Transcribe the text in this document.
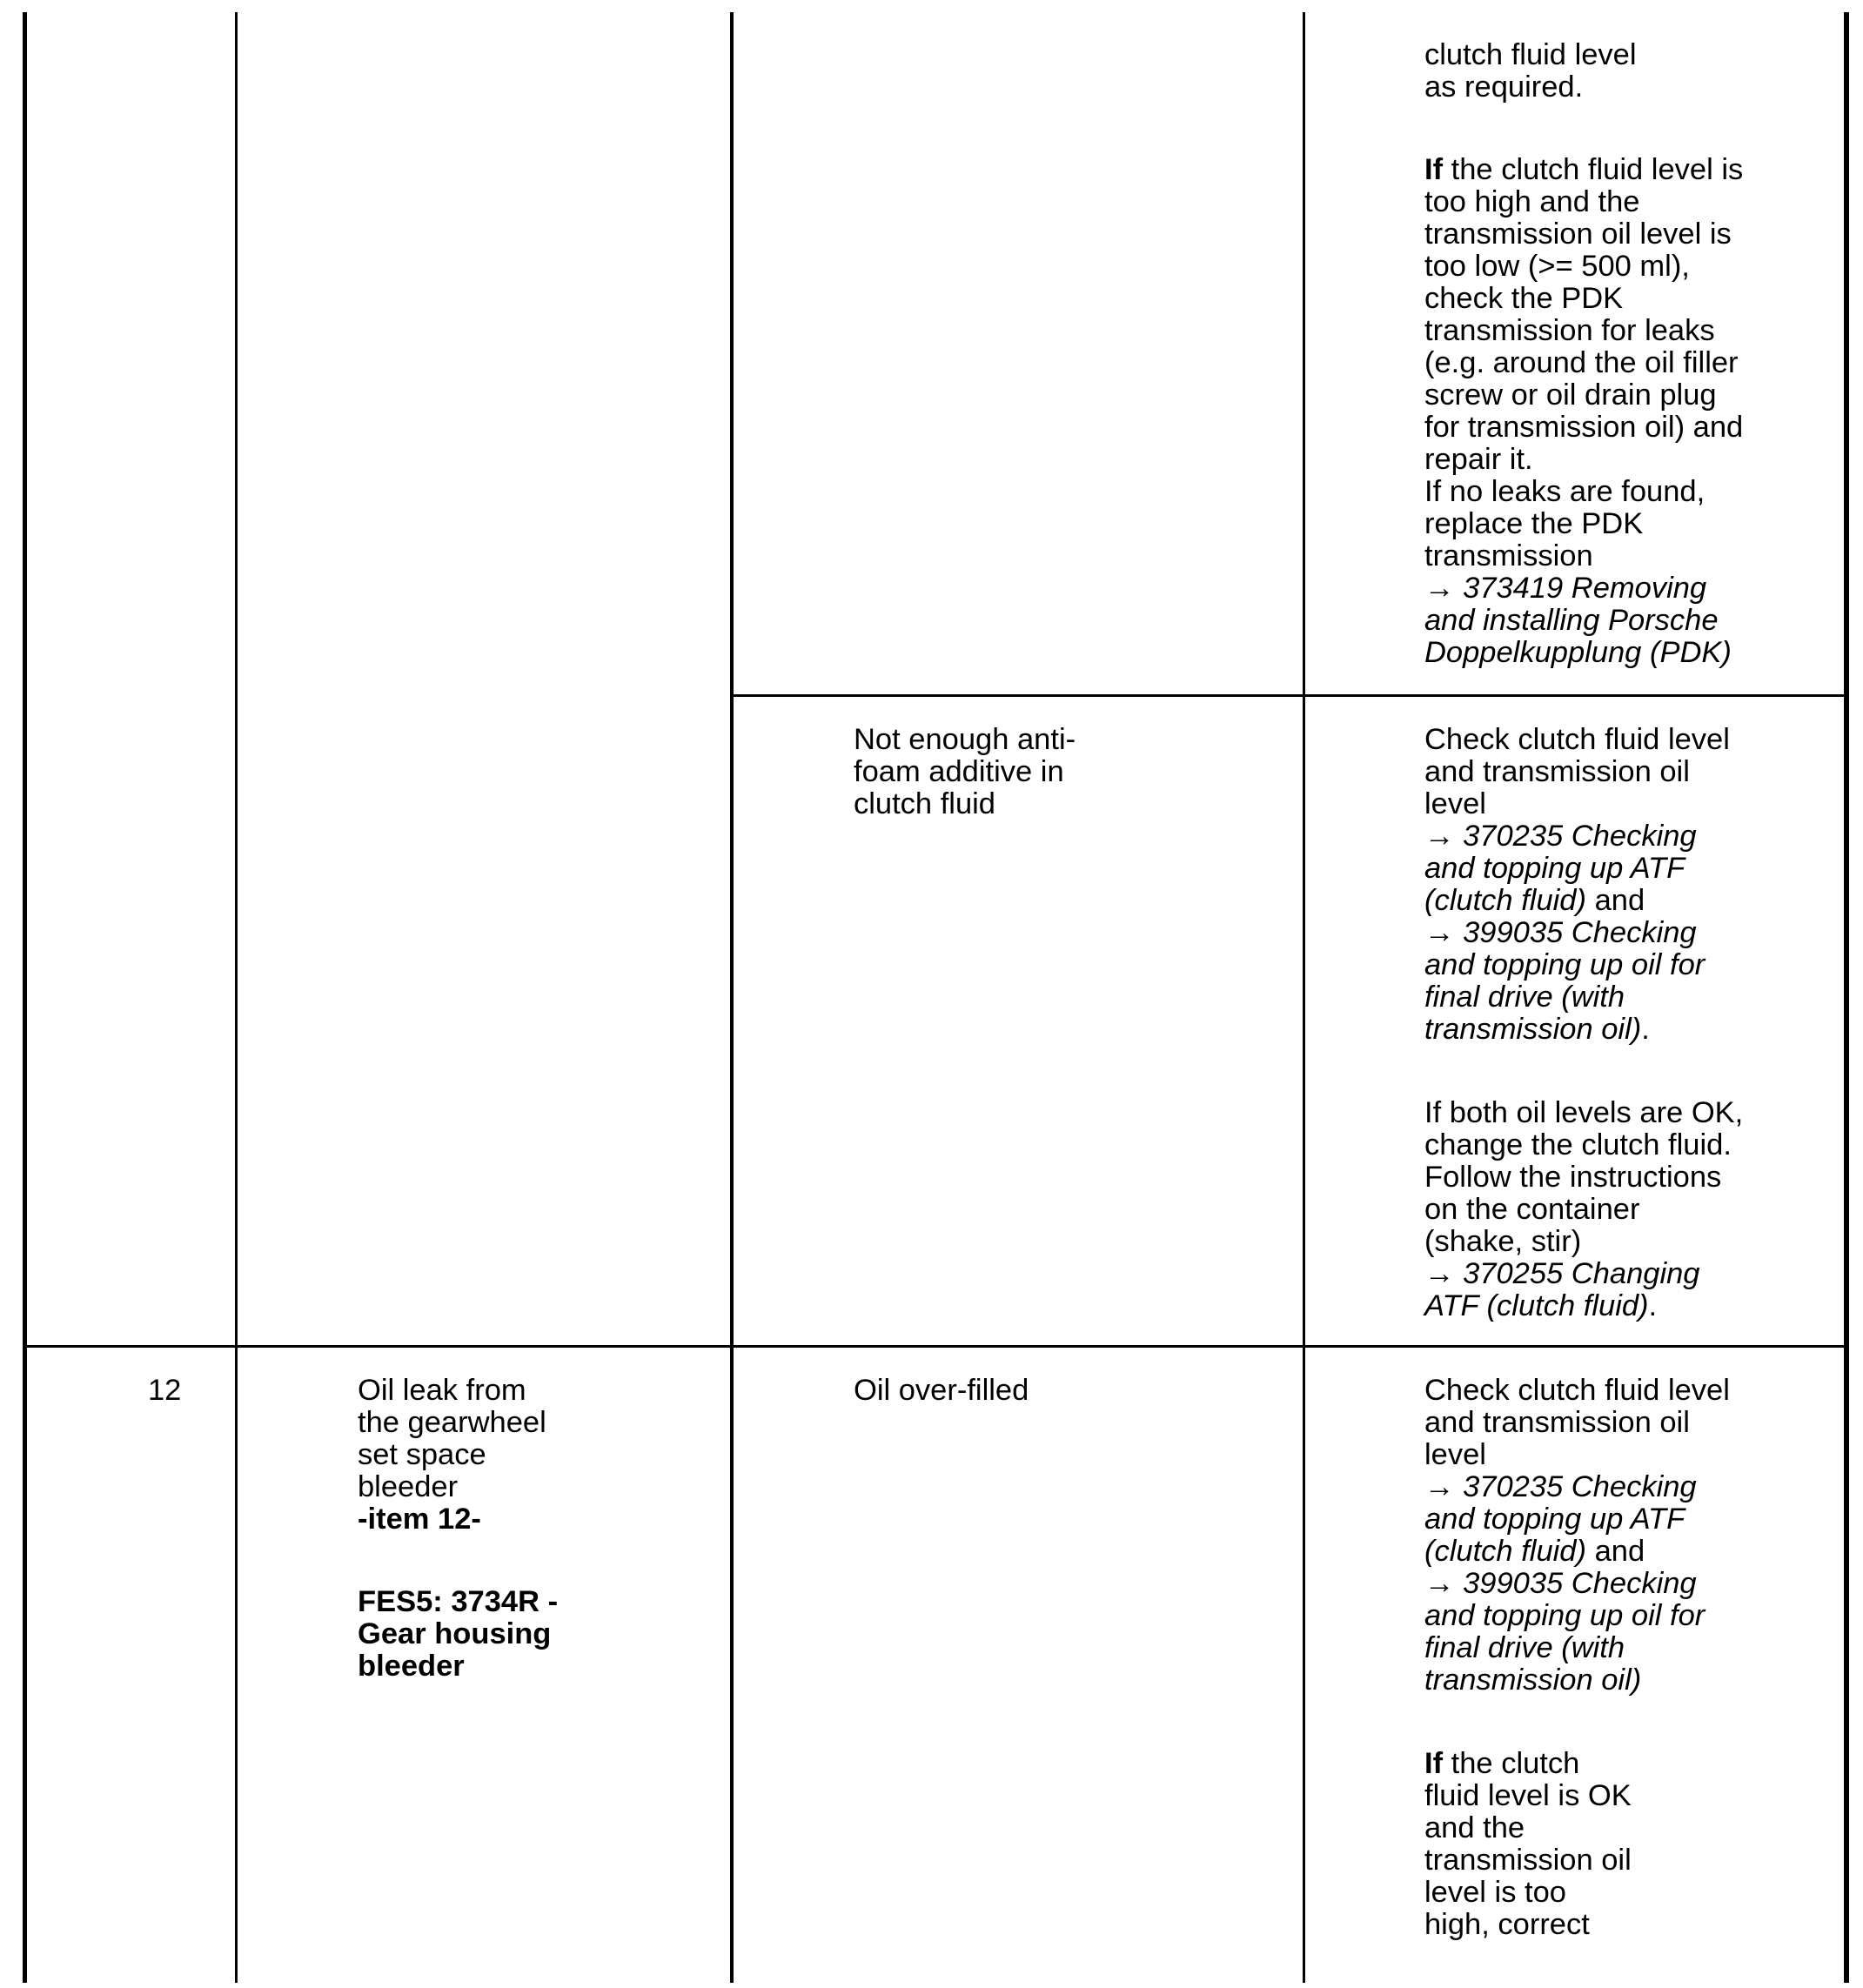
clutch fluid level

as required.

If the clutch fluid level is

too high and the

transmission oil level is

too low (>= 500 ml),

check the PDK

transmission for leaks

(e.g. around the oil filler

screw or oil drain plug

for transmission oil) and

repair it.

If no leaks are found,

replace the PDK

transmission

→ 373419 Removing

and installing Porsche

Doppelkupplung (PDK)

Not enough anti-

foam additive in

clutch fluid

Check clutch fluid level

and transmission oil

level

→ 370235 Checking

and topping up ATF

(clutch fluid) and

→ 399035 Checking

and topping up oil for

final drive (with

transmission oil).

If both oil levels are OK,

change the clutch fluid.

Follow the instructions

on the container

(shake, stir)

→ 370255 Changing

ATF (clutch fluid).

12	Oil leak from

the gearwheel

set space

bleeder

-item 12-

FES5: 3734R -

Gear housing

bleeder

Oil over-filled	Check clutch fluid level

and transmission oil

level

→ 370235 Checking

and topping up ATF

(clutch fluid) and

→ 399035 Checking

and topping up oil for

final drive (with

transmission oil)

If the clutch

fluid level is OK

and the

transmission oil

level is too

high, correct
